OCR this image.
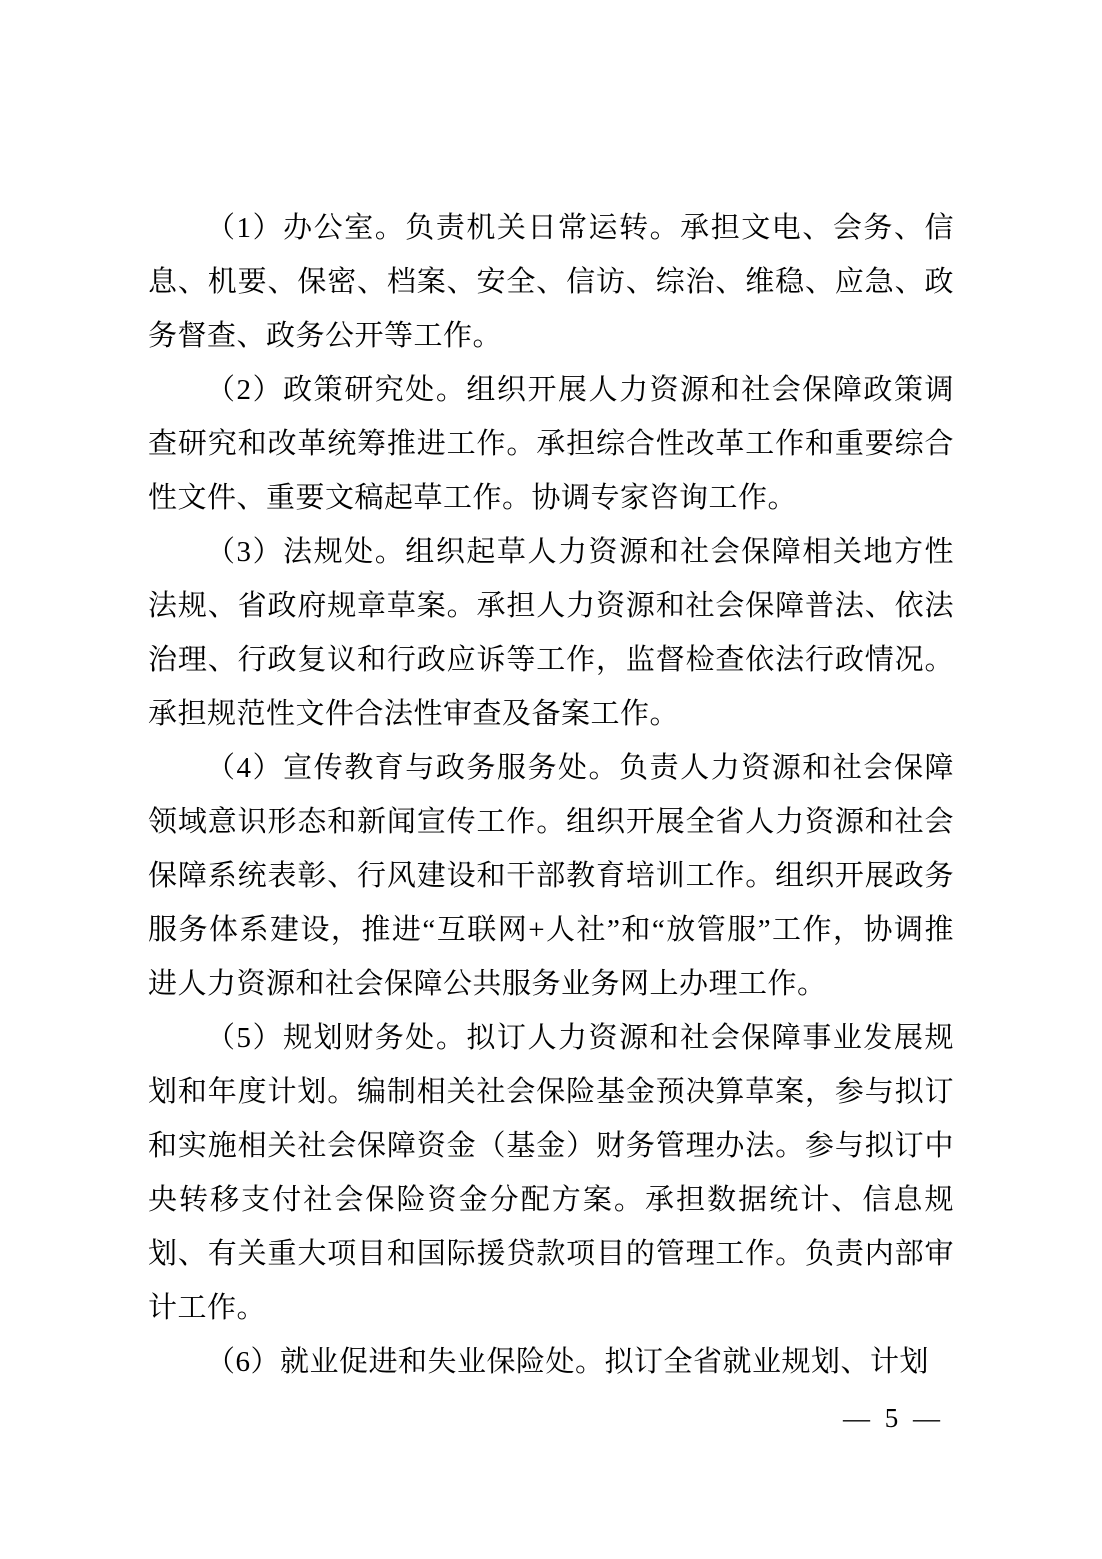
（1）办公室。负责机关日常运转。承担文电、会务、信息、机要、保密、档案、安全、信访、综治、维稳、应急、政务督查、政务公开等工作。

（2）政策研究处。组织开展人力资源和社会保障政策调查研究和改革统筹推进工作。承担综合性改革工作和重要综合性文件、重要文稿起草工作。协调专家咨询工作。

（3）法规处。组织起草人力资源和社会保障相关地方性法规、省政府规章草案。承担人力资源和社会保障普法、依法治理、行政复议和行政应诉等工作，监督检查依法行政情况。承担规范性文件合法性审查及备案工作。

（4）宣传教育与政务服务处。负责人力资源和社会保障领域意识形态和新闻宣传工作。组织开展全省人力资源和社会保障系统表彰、行风建设和干部教育培训工作。组织开展政务服务体系建设，推进“互联网+人社”和“放管服”工作，协调推进人力资源和社会保障公共服务业务网上办理工作。

（5）规划财务处。拟订人力资源和社会保障事业发展规划和年度计划。编制相关社会保险基金预决算草案，参与拟订和实施相关社会保障资金（基金）财务管理办法。参与拟订中央转移支付社会保险资金分配方案。承担数据统计、信息规划、有关重大项目和国际援贷款项目的管理工作。负责内部审计工作。

（6）就业促进和失业保险处。拟订全省就业规划、计划

— 5 —
